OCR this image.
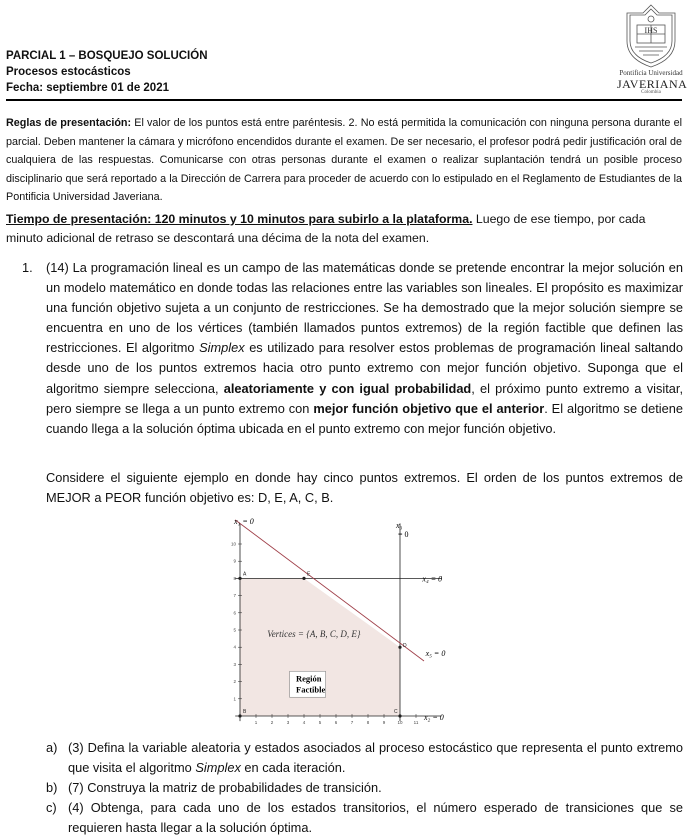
PARCIAL 1 – BOSQUEJO SOLUCIÓN
Procesos estocásticos
Fecha: septiembre 01 de 2021
IHS
Pontificia Universidad
JAVERIANA
Colombia
Reglas de presentación: El valor de los puntos está entre paréntesis. 2. No está permitida la comunicación con ninguna persona durante el parcial. Deben mantener la cámara y micrófono encendidos durante el examen. De ser necesario, el profesor podrá pedir justificación oral de cualquiera de las respuestas. Comunicarse con otras personas durante el examen o realizar suplantación tendrá un posible proceso disciplinario que será reportado a la Dirección de Carrera para proceder de acuerdo con lo estipulado en el Reglamento de Estudiantes de la Pontificia Universidad Javeriana.
Tiempo de presentación: 120 minutos y 10 minutos para subirlo a la plataforma. Luego de ese tiempo, por cada minuto adicional de retraso se descontará una décima de la nota del examen.
1. (14) La programación lineal es un campo de las matemáticas donde se pretende encontrar la mejor solución en un modelo matemático en donde todas las relaciones entre las variables son lineales. El propósito es maximizar una función objetivo sujeta a un conjunto de restricciones. Se ha demostrado que la mejor solución siempre se encuentra en uno de los vértices (también llamados puntos extremos) de la región factible que definen las restricciones. El algoritmo Simplex es utilizado para resolver estos problemas de programación lineal saltando desde uno de los puntos extremos hacia otro punto extremo con mejor función objetivo. Suponga que el algoritmo siempre selecciona, aleatoriamente y con igual probabilidad, el próximo punto extremo a visitar, pero siempre se llega a un punto extremo con mejor función objetivo que el anterior. El algoritmo se detiene cuando llega a la solución óptima ubicada en el punto extremo con mejor función objetivo.
Considere el siguiente ejemplo en donde hay cinco puntos extremos. El orden de los puntos extremos de MEJOR a PEOR función objetivo es: D, E, A, C, B.
1	2	3	4	5	6	7	8	9	10 11
1
2
3
4
5
6
7
8
9
10
A
B	C
D
E
x₁ = 0	x₃
= 0
x₄ = 0
x₅ = 0
x₂ = 0
Vertices = {A, B, C, D, E}
Región
Factible
a) (3) Defina la variable aleatoria y estados asociados al proceso estocástico que representa el punto extremo que visita el algoritmo Simplex en cada iteración.
b) (7) Construya la matriz de probabilidades de transición.
c) (4) Obtenga, para cada uno de los estados transitorios, el número esperado de transiciones que se requieren hasta llegar a la solución óptima.
